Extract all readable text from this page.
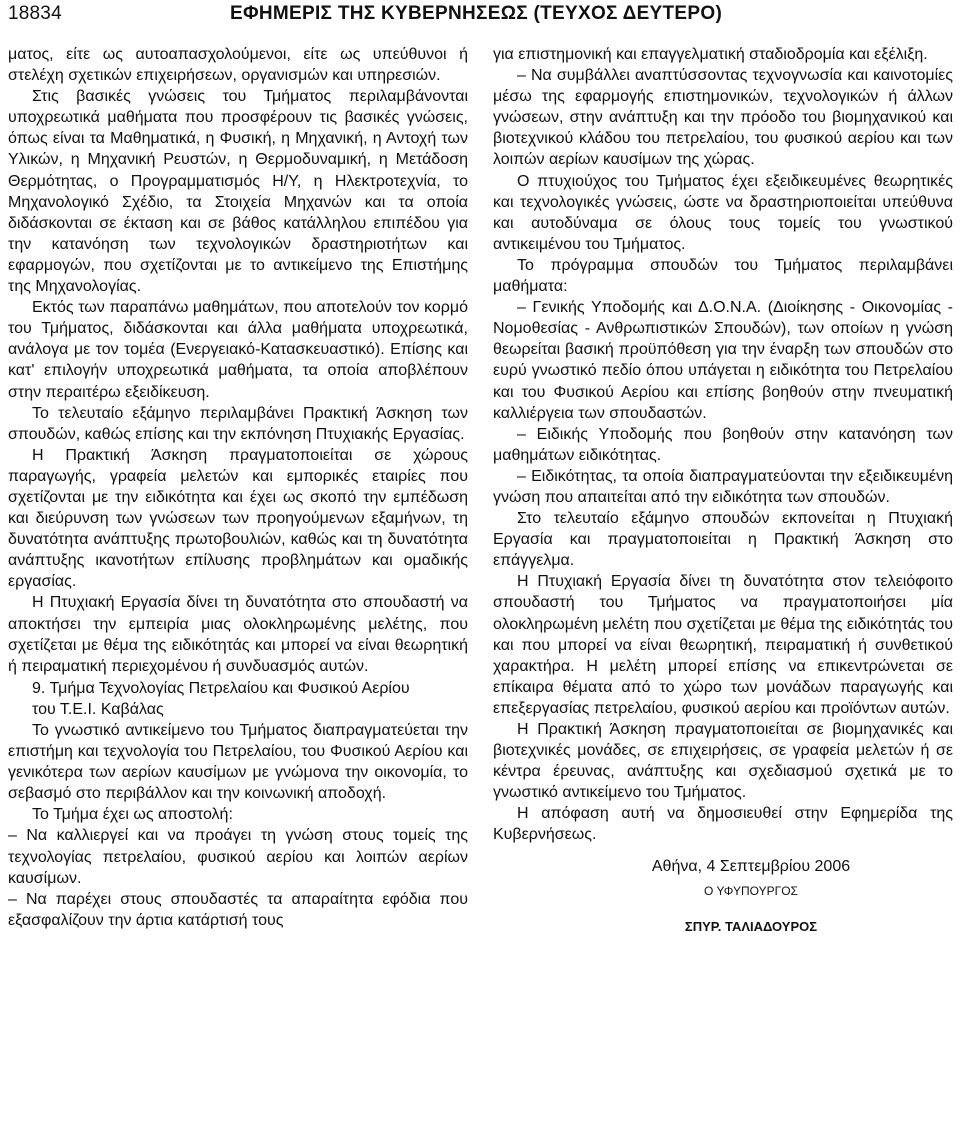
18834	ΕΦΗΜΕΡΙΣ ΤΗΣ ΚΥΒΕΡΝΗΣΕΩΣ (ΤΕΥΧΟΣ ΔΕΥΤΕΡΟ)

ματος, είτε ως αυτοαπασχολούμενοι, είτε ως υπεύθυνοι ή στελέχη σχετικών επιχειρήσεων, οργανισμών και υπηρεσιών.

Στις βασικές γνώσεις του Τμήματος περιλαμβάνονται υποχρεωτικά μαθήματα που προσφέρουν τις βασικές γνώσεις, όπως είναι τα Μαθηματικά, η Φυσική, η Μηχανική, η Αντοχή των Υλικών, η Μηχανική Ρευστών, η Θερμοδυναμική, η Μετάδοση Θερμότητας, ο Προγραμματισμός Η/Υ, η Ηλεκτροτεχνία, το Μηχανολογικό Σχέδιο, τα Στοιχεία Μηχανών και τα οποία διδάσκονται σε έκταση και σε βάθος κατάλληλου επιπέδου για την κατανόηση των τεχνολογικών δραστηριοτήτων και εφαρμογών, που σχετίζονται με το αντικείμενο της Επιστήμης της Μηχανολογίας.

Εκτός των παραπάνω μαθημάτων, που αποτελούν τον κορμό του Τμήματος, διδάσκονται και άλλα μαθήματα υποχρεωτικά, ανάλογα με τον τομέα (Ενεργειακό-Κατασκευαστικό). Επίσης και κατ' επιλογήν υποχρεωτικά μαθήματα, τα οποία αποβλέπουν στην περαιτέρω εξειδίκευση.

Το τελευταίο εξάμηνο περιλαμβάνει Πρακτική Άσκηση των σπουδών, καθώς επίσης και την εκπόνηση Πτυχιακής Εργασίας.

Η Πρακτική Άσκηση πραγματοποιείται σε χώρους παραγωγής, γραφεία μελετών και εμπορικές εταιρίες που σχετίζονται με την ειδικότητα και έχει ως σκοπό την εμπέδωση και διεύρυνση των γνώσεων των προηγούμενων εξαμήνων, τη δυνατότητα ανάπτυξης πρωτοβουλιών, καθώς και τη δυνατότητα ανάπτυξης ικανοτήτων επίλυσης προβλημάτων και ομαδικής εργασίας.

Η Πτυχιακή Εργασία δίνει τη δυνατότητα στο σπουδαστή να αποκτήσει την εμπειρία μιας ολοκληρωμένης μελέτης, που σχετίζεται με θέμα της ειδικότητάς και μπορεί να είναι θεωρητική ή πειραματική περιεχομένου ή συνδυασμός αυτών.

9. Τμήμα Τεχνολογίας Πετρελαίου και Φυσικού Αερίου
του Τ.Ε.Ι. Καβάλας

Το γνωστικό αντικείμενο του Τμήματος διαπραγματεύεται την επιστήμη και τεχνολογία του Πετρελαίου, του Φυσικού Αερίου και γενικότερα των αερίων καυσίμων με γνώμονα την οικονομία, το σεβασμό στο περιβάλλον και την κοινωνική αποδοχή.

Το Τμήμα έχει ως αποστολή:

– Να καλλιεργεί και να προάγει τη γνώση στους τομείς της τεχνολογίας πετρελαίου, φυσικού αερίου και λοιπών αερίων καυσίμων.

– Να παρέχει στους σπουδαστές τα απαραίτητα εφόδια που εξασφαλίζουν την άρτια κατάρτισή τους

για επιστημονική και επαγγελματική σταδιοδρομία και εξέλιξη.

– Να συμβάλλει αναπτύσσοντας τεχνογνωσία και καινοτομίες μέσω της εφαρμογής επιστημονικών, τεχνολογικών ή άλλων γνώσεων, στην ανάπτυξη και την πρόοδο του βιομηχανικού και βιοτεχνικού κλάδου του πετρελαίου, του φυσικού αερίου και των λοιπών αερίων καυσίμων της χώρας.

Ο πτυχιούχος του Τμήματος έχει εξειδικευμένες θεωρητικές και τεχνολογικές γνώσεις, ώστε να δραστηριοποιείται υπεύθυνα και αυτοδύναμα σε όλους τους τομείς του γνωστικού αντικειμένου του Τμήματος.

Το πρόγραμμα σπουδών του Τμήματος περιλαμβάνει μαθήματα:

– Γενικής Υποδομής και Δ.Ο.Ν.Α. (Διοίκησης - Οικονομίας - Νομοθεσίας - Ανθρωπιστικών Σπουδών), των οποίων η γνώση θεωρείται βασική προϋπόθεση για την έναρξη των σπουδών στο ευρύ γνωστικό πεδίο όπου υπάγεται η ειδικότητα του Πετρελαίου και του Φυσικού Αερίου και επίσης βοηθούν στην πνευματική καλλιέργεια των σπουδαστών.

– Ειδικής Υποδομής που βοηθούν στην κατανόηση των μαθημάτων ειδικότητας.

– Ειδικότητας, τα οποία διαπραγματεύονται την εξειδικευμένη γνώση που απαιτείται από την ειδικότητα των σπουδών.

Στο τελευταίο εξάμηνο σπουδών εκπονείται η Πτυχιακή Εργασία και πραγματοποιείται η Πρακτική Άσκηση στο επάγγελμα.

Η Πτυχιακή Εργασία δίνει τη δυνατότητα στον τελειόφοιτο σπουδαστή του Τμήματος να πραγματοποιήσει μία ολοκληρωμένη μελέτη που σχετίζεται με θέμα της ειδικότητάς του και που μπορεί να είναι θεωρητική, πειραματική ή συνθετικού χαρακτήρα. Η μελέτη μπορεί επίσης να επικεντρώνεται σε επίκαιρα θέματα από το χώρο των μονάδων παραγωγής και επεξεργασίας πετρελαίου, φυσικού αερίου και προϊόντων αυτών.

Η Πρακτική Άσκηση πραγματοποιείται σε βιομηχανικές και βιοτεχνικές μονάδες, σε επιχειρήσεις, σε γραφεία μελετών ή σε κέντρα έρευνας, ανάπτυξης και σχεδιασμού σχετικά με το γνωστικό αντικείμενο του Τμήματος.

Η απόφαση αυτή να δημοσιευθεί στην Εφημερίδα της Κυβερνήσεως.

Αθήνα, 4 Σεπτεμβρίου 2006

Ο ΥΦΥΠΟΥΡΓΟΣ

ΣΠΥΡ. ΤΑΛΙΑΔΟΥΡΟΣ
